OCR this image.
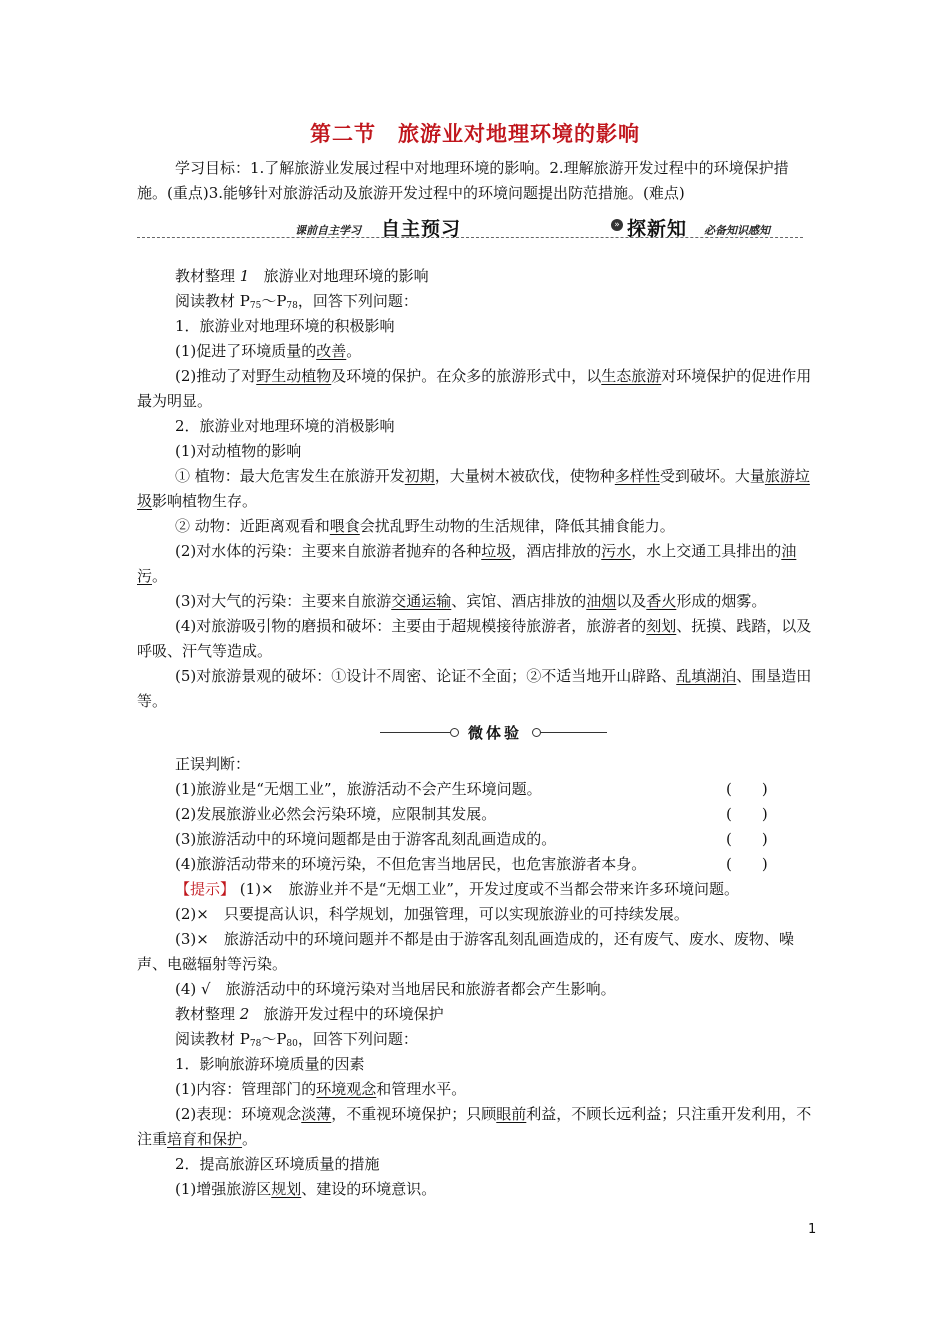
第二节 旅游业对地理环境的影响

学习目标：1.了解旅游业发展过程中对地理环境的影响。2.理解旅游开发过程中的环境保护措施。(重点)3.能够针对旅游活动及旅游开发过程中的环境问题提出防范措施。(难点)

课前自主学习 自主预习	» 探新知 必备知识感知

教材整理 1 旅游业对地理环境的影响

阅读教材 $P_{75}\sim P_{78}$，回答下列问题：

1．旅游业对地理环境的积极影响

(1)促进了环境质量的改善。

(2)推动了对野生动植物及环境的保护。在众多的旅游形式中，以生态旅游对环境保护的促进作用最为明显。

2．旅游业对地理环境的消极影响

(1)对动植物的影响

① 植物：最大危害发生在旅游开发初期，大量树木被砍伐，使物种多样性受到破坏。大量旅游垃圾影响植物生存。

② 动物：近距离观看和喂食会扰乱野生动物的生活规律，降低其捕食能力。

(2)对水体的污染：主要来自旅游者抛弃的各种垃圾，酒店排放的污水，水上交通工具排出的油污。

(3)对大气的污染：主要来自旅游交通运输、宾馆、酒店排放的油烟以及香火形成的烟雾。

(4)对旅游吸引物的磨损和破坏：主要由于超规模接待旅游者，旅游者的刻划、抚摸、践踏，以及呼吸、汗气等造成。

(5)对旅游景观的破坏：①设计不周密、论证不全面；②不适当地开山辟路、乱填湖泊、围垦造田等。

微体验

正误判断：

(1)旅游业是“无烟工业”，旅游活动不会产生环境问题。	(　　)

(2)发展旅游业必然会污染环境，应限制其发展。	(　　)

(3)旅游活动中的环境问题都是由于游客乱刻乱画造成的。	(　　)

(4)旅游活动带来的环境污染，不但危害当地居民，也危害旅游者本身。	(　　)

【提示】 (1)×　旅游业并不是“无烟工业”，开发过度或不当都会带来许多环境问题。

(2)×　只要提高认识，科学规划，加强管理，可以实现旅游业的可持续发展。

(3)×　旅游活动中的环境问题并不都是由于游客乱刻乱画造成的，还有废气、废水、废物、噪声、电磁辐射等污染。

(4) √　旅游活动中的环境污染对当地居民和旅游者都会产生影响。

教材整理 2 旅游开发过程中的环境保护

阅读教材 $P_{78}\sim P_{80}$，回答下列问题：

1．影响旅游环境质量的因素

(1)内容：管理部门的环境观念和管理水平。

(2)表现：环境观念淡薄，不重视环境保护；只顾眼前利益，不顾长远利益；只注重开发利用，不注重培育和保护。

2．提高旅游区环境质量的措施

(1)增强旅游区规划、建设的环境意识。

1
